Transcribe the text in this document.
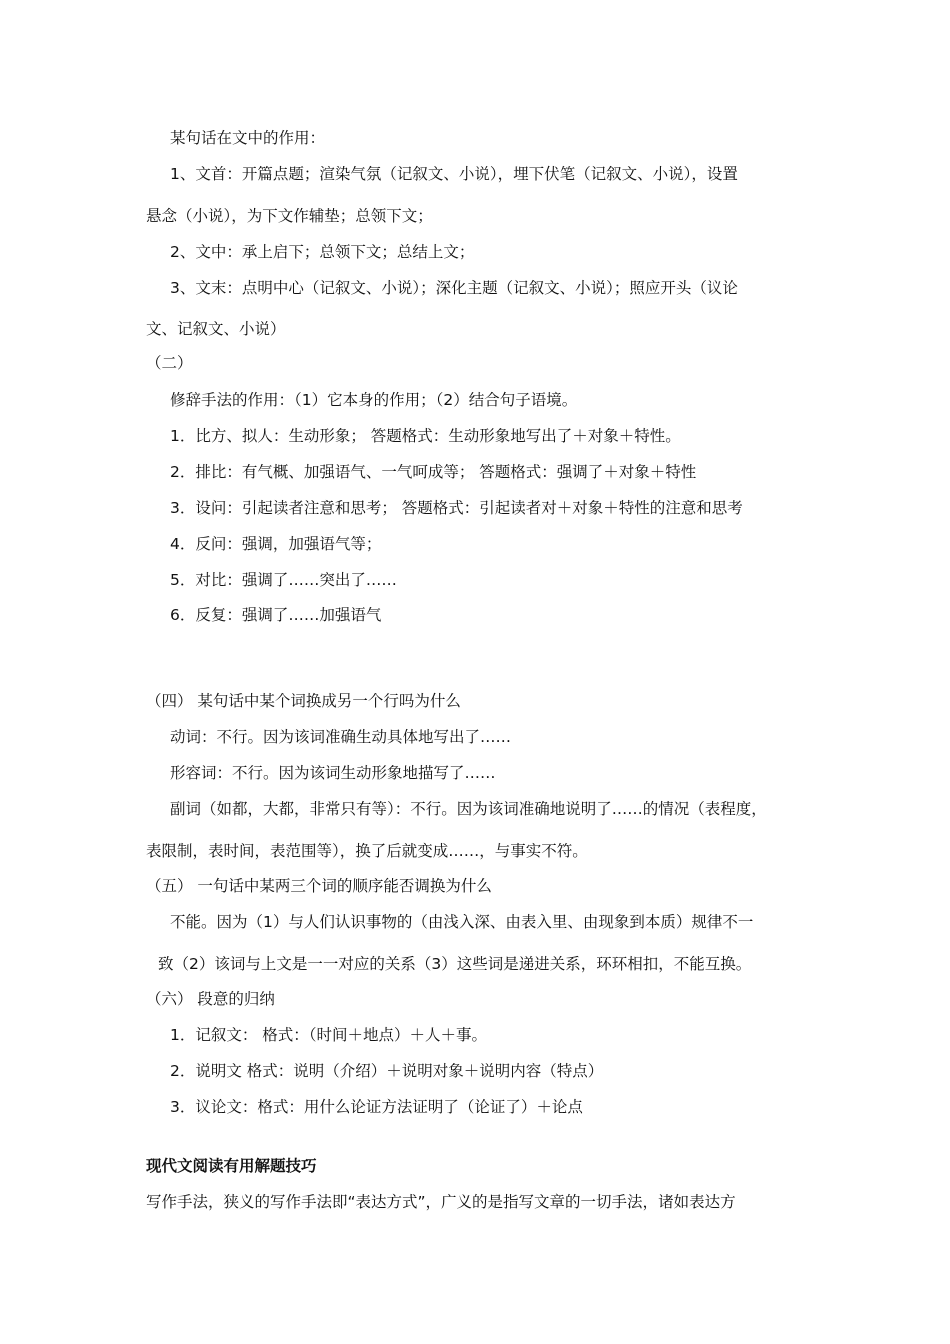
某句话在文中的作用：
1、文首：开篇点题；渲染气氛（记叙文、小说），埋下伏笔（记叙文、小说），设置
悬念（小说），为下文作辅垫；总领下文；
2、文中：承上启下；总领下文；总结上文；
3、文末：点明中心（记叙文、小说）；深化主题（记叙文、小说）；照应开头（议论
文、记叙文、小说）
（二）
修辞手法的作用：（1）它本身的作用；（2）结合句子语境。
1．比方、拟人：生动形象； 答题格式：生动形象地写出了＋对象＋特性。
2．排比：有气概、加强语气、一气呵成等； 答题格式：强调了＋对象＋特性
3．设问：引起读者注意和思考； 答题格式：引起读者对＋对象＋特性的注意和思考
4．反问：强调，加强语气等；
5．对比：强调了……突出了……
6．反复：强调了……加强语气
（四） 某句话中某个词换成另一个行吗为什么
动词：不行。因为该词准确生动具体地写出了……
形容词：不行。因为该词生动形象地描写了……
副词（如都，大都，非常只有等）：不行。因为该词准确地说明了……的情况（表程度，
表限制，表时间，表范围等），换了后就变成……，与事实不符。
（五） 一句话中某两三个词的顺序能否调换为什么
不能。因为（1）与人们认识事物的（由浅入深、由表入里、由现象到本质）规律不一
致（2）该词与上文是一一对应的关系（3）这些词是递进关系，环环相扣，不能互换。
（六） 段意的归纳
1．记叙文： 格式：（时间＋地点）＋人＋事。
2．说明文 格式：说明（介绍）＋说明对象＋说明内容（特点）
3．议论文：格式：用什么论证方法证明了（论证了）＋论点
现代文阅读有用解题技巧
写作手法，狭义的写作手法即“表达方式”，广义的是指写文章的一切手法，诸如表达方
